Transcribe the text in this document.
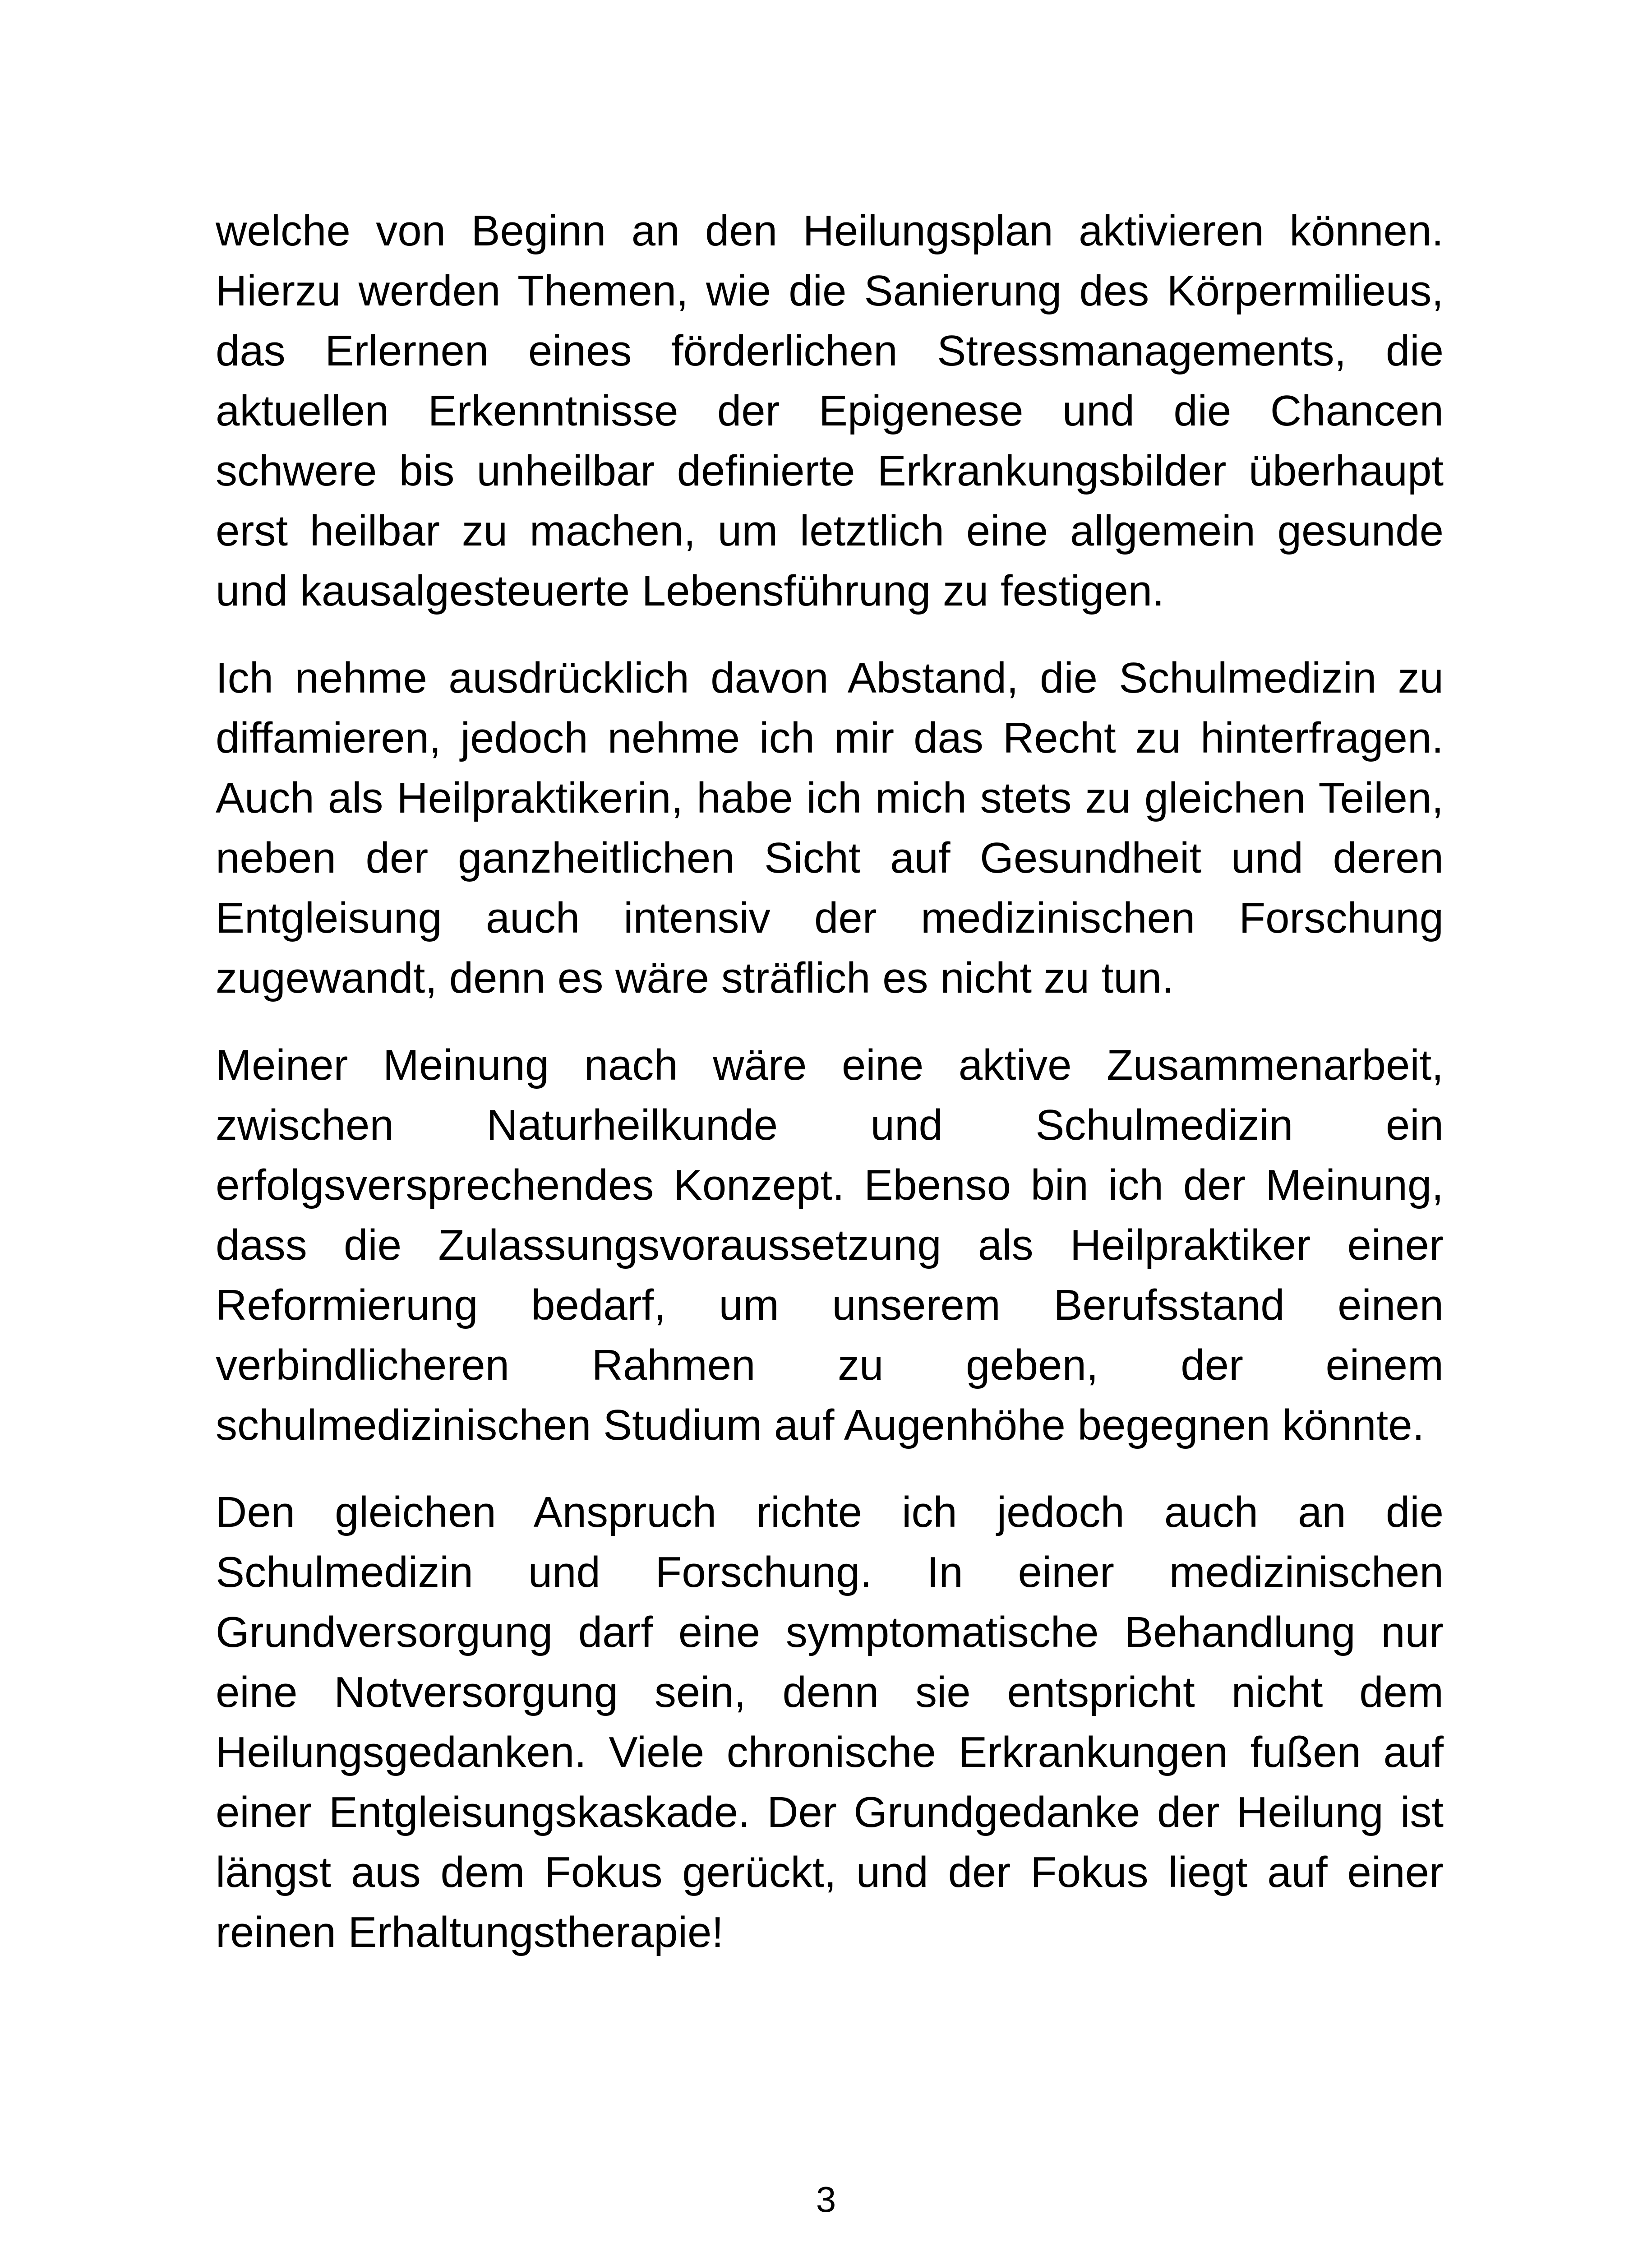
welche von Beginn an den Heilungsplan aktivieren können. Hierzu werden Themen, wie die Sanierung des Körpermilieus, das Erlernen eines förderlichen Stressmanagements, die aktuellen Erkenntnisse der Epigenese und die Chancen schwere bis unheilbar definierte Erkrankungsbilder überhaupt erst heilbar zu machen, um letztlich eine allgemein gesunde und kausalgesteuerte Lebensführung zu festigen.

Ich nehme ausdrücklich davon Abstand, die Schulmedizin zu diffamieren, jedoch nehme ich mir das Recht zu hinterfragen. Auch als Heilpraktikerin, habe ich mich stets zu gleichen Teilen, neben der ganzheitlichen Sicht auf Gesundheit und deren Entgleisung auch intensiv der medizinischen Forschung zugewandt, denn es wäre sträflich es nicht zu tun.

Meiner Meinung nach wäre eine aktive Zusammenarbeit, zwischen Naturheilkunde und Schulmedizin ein erfolgsversprechendes Konzept. Ebenso bin ich der Meinung, dass die Zulassungsvoraussetzung als Heilpraktiker einer Reformierung bedarf, um unserem Berufsstand einen verbindlicheren Rahmen zu geben, der einem schulmedizinischen Studium auf Augenhöhe begegnen könnte.

Den gleichen Anspruch richte ich jedoch auch an die Schulmedizin und Forschung. In einer medizinischen Grundversorgung darf eine symptomatische Behandlung nur eine Notversorgung sein, denn sie entspricht nicht dem Heilungsgedanken. Viele chronische Erkrankungen fußen auf einer Entgleisungskaskade. Der Grundgedanke der Heilung ist längst aus dem Fokus gerückt, und der Fokus liegt auf einer reinen Erhaltungstherapie!

3
